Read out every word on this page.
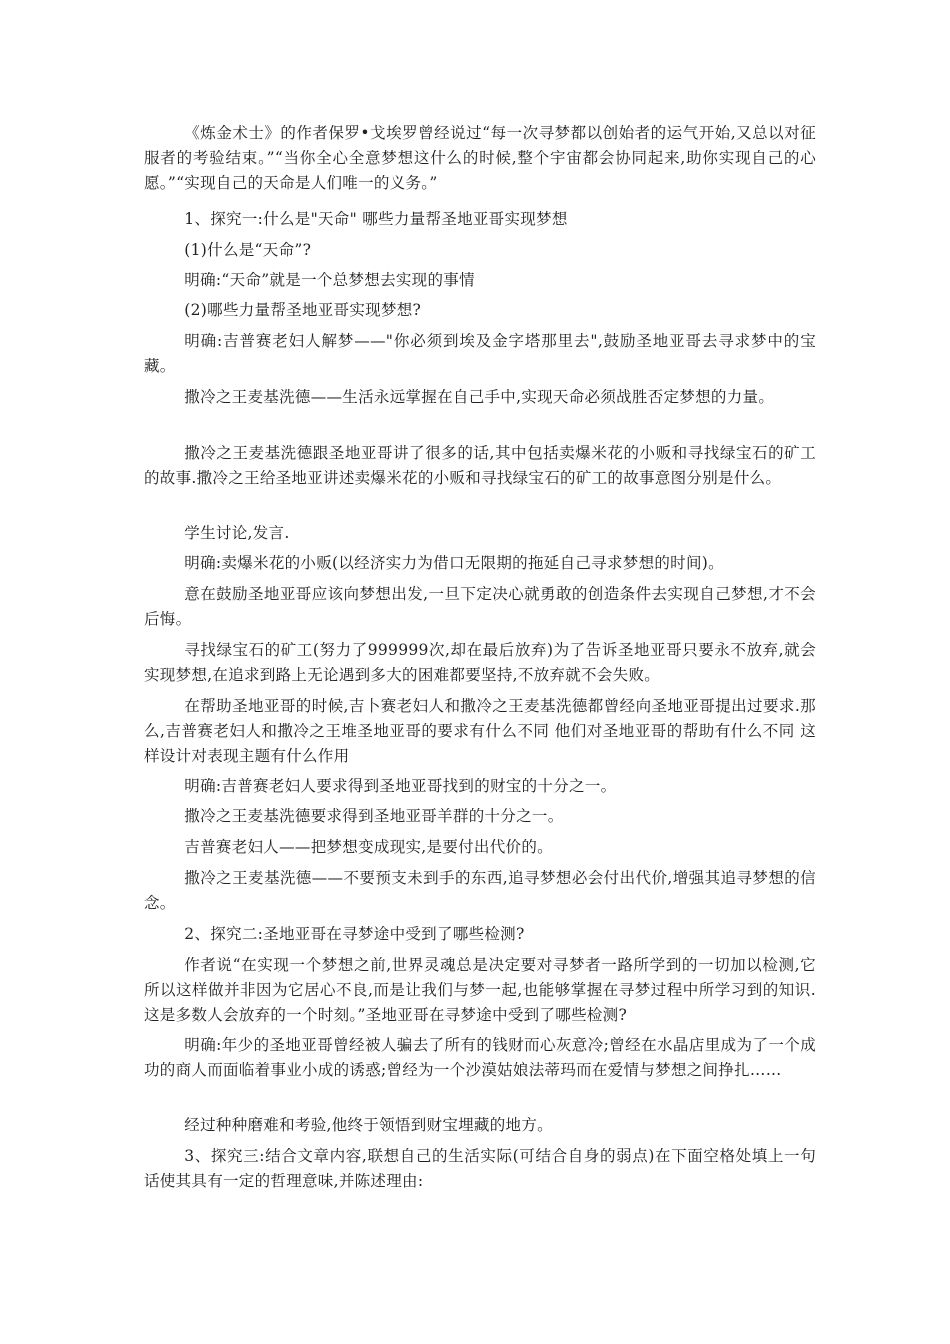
《炼金术士》的作者保罗•戈埃罗曾经说过“每一次寻梦都以创始者的运气开始,又总以对征服者的考验结束。”“当你全心全意梦想这什么的时候,整个宇宙都会协同起来,助你实现自己的心愿。”“实现自己的天命是人们唯一的义务。”

1、探究一:什么是"天命" 哪些力量帮圣地亚哥实现梦想

(1)什么是“天命”?

明确:“天命”就是一个总梦想去实现的事情

(2)哪些力量帮圣地亚哥实现梦想?

明确:吉普赛老妇人解梦——"你必须到埃及金字塔那里去",鼓励圣地亚哥去寻求梦中的宝藏。

撒冷之王麦基洗德——生活永远掌握在自己手中,实现天命必须战胜否定梦想的力量。

撒冷之王麦基洗德跟圣地亚哥讲了很多的话,其中包括卖爆米花的小贩和寻找绿宝石的矿工的故事.撒冷之王给圣地亚讲述卖爆米花的小贩和寻找绿宝石的矿工的故事意图分别是什么。

学生讨论,发言.

明确:卖爆米花的小贩(以经济实力为借口无限期的拖延自己寻求梦想的时间)。

意在鼓励圣地亚哥应该向梦想出发,一旦下定决心就勇敢的创造条件去实现自己梦想,才不会后悔。

寻找绿宝石的矿工(努力了999999次,却在最后放弃)为了告诉圣地亚哥只要永不放弃,就会实现梦想,在追求到路上无论遇到多大的困难都要坚持,不放弃就不会失败。

在帮助圣地亚哥的时候,吉卜赛老妇人和撒冷之王麦基洗德都曾经向圣地亚哥提出过要求.那么,吉普赛老妇人和撒冷之王堆圣地亚哥的要求有什么不同 他们对圣地亚哥的帮助有什么不同 这样设计对表现主题有什么作用

明确:吉普赛老妇人要求得到圣地亚哥找到的财宝的十分之一。

撒冷之王麦基洗德要求得到圣地亚哥羊群的十分之一。

吉普赛老妇人——把梦想变成现实,是要付出代价的。

撒冷之王麦基洗德——不要预支未到手的东西,追寻梦想必会付出代价,增强其追寻梦想的信念。

2、探究二:圣地亚哥在寻梦途中受到了哪些检测?

作者说“在实现一个梦想之前,世界灵魂总是决定要对寻梦者一路所学到的一切加以检测,它所以这样做并非因为它居心不良,而是让我们与梦一起,也能够掌握在寻梦过程中所学习到的知识.这是多数人会放弃的一个时刻。”圣地亚哥在寻梦途中受到了哪些检测?

明确:年少的圣地亚哥曾经被人骗去了所有的钱财而心灰意冷;曾经在水晶店里成为了一个成功的商人而面临着事业小成的诱惑;曾经为一个沙漠姑娘法蒂玛而在爱情与梦想之间挣扎……

经过种种磨难和考验,他终于领悟到财宝埋藏的地方。

3、探究三:结合文章内容,联想自己的生活实际(可结合自身的弱点)在下面空格处填上一句话使其具有一定的哲理意味,并陈述理由:
